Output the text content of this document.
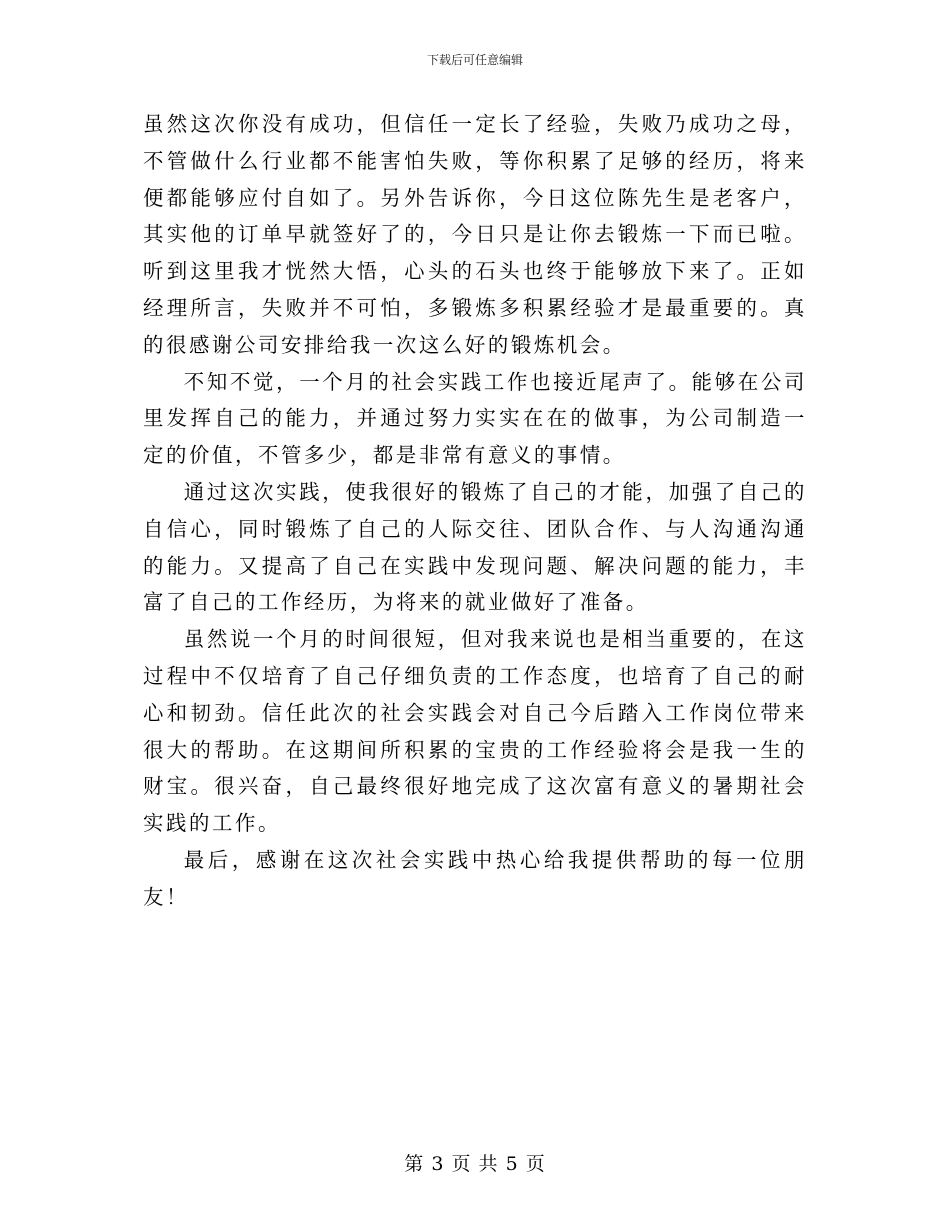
下载后可任意编辑

虽然这次你没有成功，但信任一定长了经验，失败乃成功之母，不管做什么行业都不能害怕失败，等你积累了足够的经历，将来便都能够应付自如了。另外告诉你，今日这位陈先生是老客户，其实他的订单早就签好了的，今日只是让你去锻炼一下而已啦。听到这里我才恍然大悟，心头的石头也终于能够放下来了。正如经理所言，失败并不可怕，多锻炼多积累经验才是最重要的。真的很感谢公司安排给我一次这么好的锻炼机会。

不知不觉，一个月的社会实践工作也接近尾声了。能够在公司里发挥自己的能力，并通过努力实实在在的做事，为公司制造一定的价值，不管多少，都是非常有意义的事情。

通过这次实践，使我很好的锻炼了自己的才能，加强了自己的自信心，同时锻炼了自己的人际交往、团队合作、与人沟通沟通的能力。又提高了自己在实践中发现问题、解决问题的能力，丰富了自己的工作经历，为将来的就业做好了准备。

虽然说一个月的时间很短，但对我来说也是相当重要的，在这过程中不仅培育了自己仔细负责的工作态度，也培育了自己的耐心和韧劲。信任此次的社会实践会对自己今后踏入工作岗位带来很大的帮助。在这期间所积累的宝贵的工作经验将会是我一生的财宝。很兴奋，自己最终很好地完成了这次富有意义的暑期社会实践的工作。

最后，感谢在这次社会实践中热心给我提供帮助的每一位朋友！

第 3 页 共 5 页
